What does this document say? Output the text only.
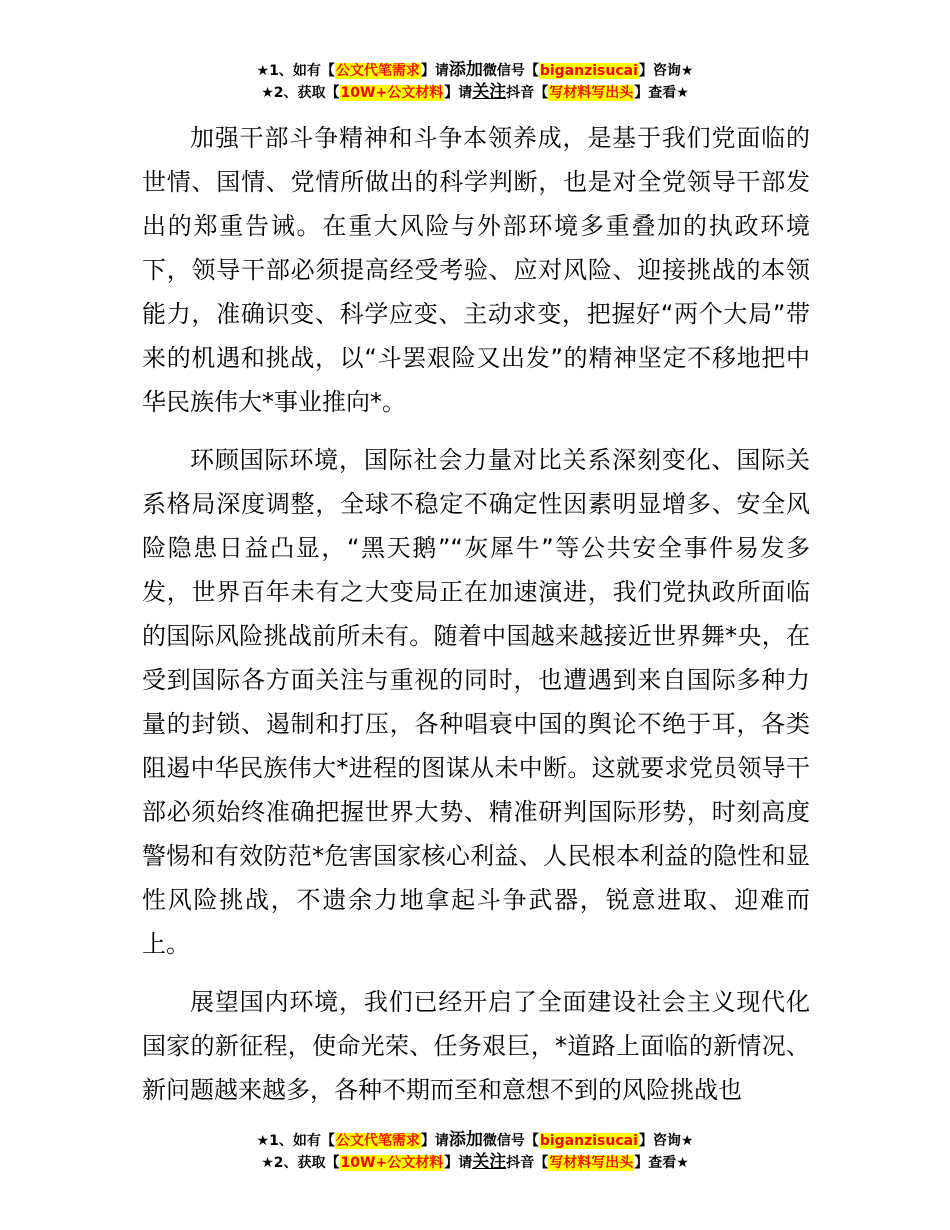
★1、如有【公文代笔需求】请添加微信号【biganzisucai】咨询★
★2、获取【10W+公文材料】请关注抖音【写材料写出头】查看★

加强干部斗争精神和斗争本领养成，是基于我们党面临的世情、国情、党情所做出的科学判断，也是对全党领导干部发出的郑重告诫。在重大风险与外部环境多重叠加的执政环境下，领导干部必须提高经受考验、应对风险、迎接挑战的本领能力，准确识变、科学应变、主动求变，把握好“两个大局”带来的机遇和挑战，以“斗罢艰险又出发”的精神坚定不移地把中华民族伟大*事业推向*。

环顾国际环境，国际社会力量对比关系深刻变化、国际关系格局深度调整，全球不稳定不确定性因素明显增多、安全风险隐患日益凸显，“黑天鹅”“灰犀牛”等公共安全事件易发多发，世界百年未有之大变局正在加速演进，我们党执政所面临的国际风险挑战前所未有。随着中国越来越接近世界舞*央，在受到国际各方面关注与重视的同时，也遭遇到来自国际多种力量的封锁、遏制和打压，各种唱衰中国的舆论不绝于耳，各类阻遏中华民族伟大*进程的图谋从未中断。这就要求党员领导干部必须始终准确把握世界大势、精准研判国际形势，时刻高度警惕和有效防范*危害国家核心利益、人民根本利益的隐性和显性风险挑战，不遗余力地拿起斗争武器，锐意进取、迎难而上。

展望国内环境，我们已经开启了全面建设社会主义现代化国家的新征程，使命光荣、任务艰巨，*道路上面临的新情况、新问题越来越多，各种不期而至和意想不到的风险挑战也

★1、如有【公文代笔需求】请添加微信号【biganzisucai】咨询★
★2、获取【10W+公文材料】请关注抖音【写材料写出头】查看★
